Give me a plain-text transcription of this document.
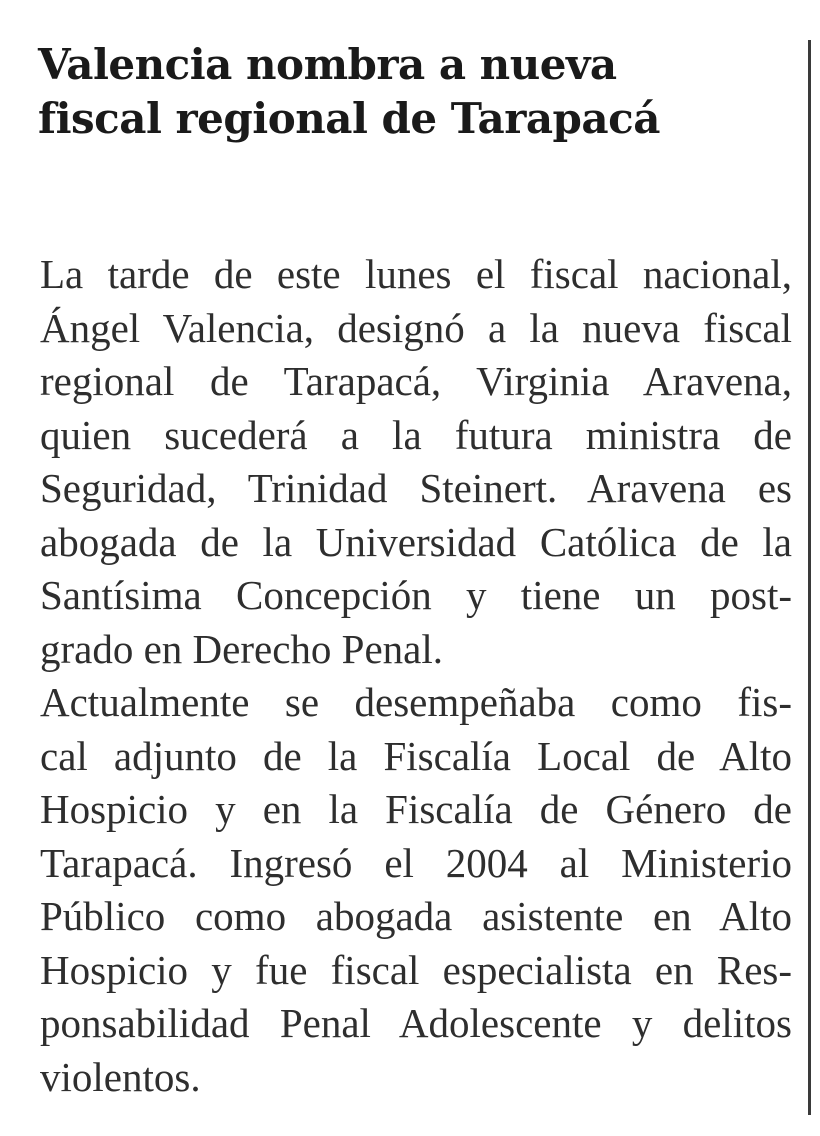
Valencia nombra a nueva
fiscal regional de Tarapacá
La tarde de este lunes el fiscal nacional,
Ángel Valencia, designó a la nueva fiscal
regional de Tarapacá, Virginia Aravena,
quien sucederá a la futura ministra de
Seguridad, Trinidad Steinert. Aravena es
abogada de la Universidad Católica de la
Santísima Concepción y tiene un post-
grado en Derecho Penal.
Actualmente se desempeñaba como fis-
cal adjunto de la Fiscalía Local de Alto
Hospicio y en la Fiscalía de Género de
Tarapacá. Ingresó el 2004 al Ministerio
Público como abogada asistente en Alto
Hospicio y fue fiscal especialista en Res-
ponsabilidad Penal Adolescente y delitos
violentos.
